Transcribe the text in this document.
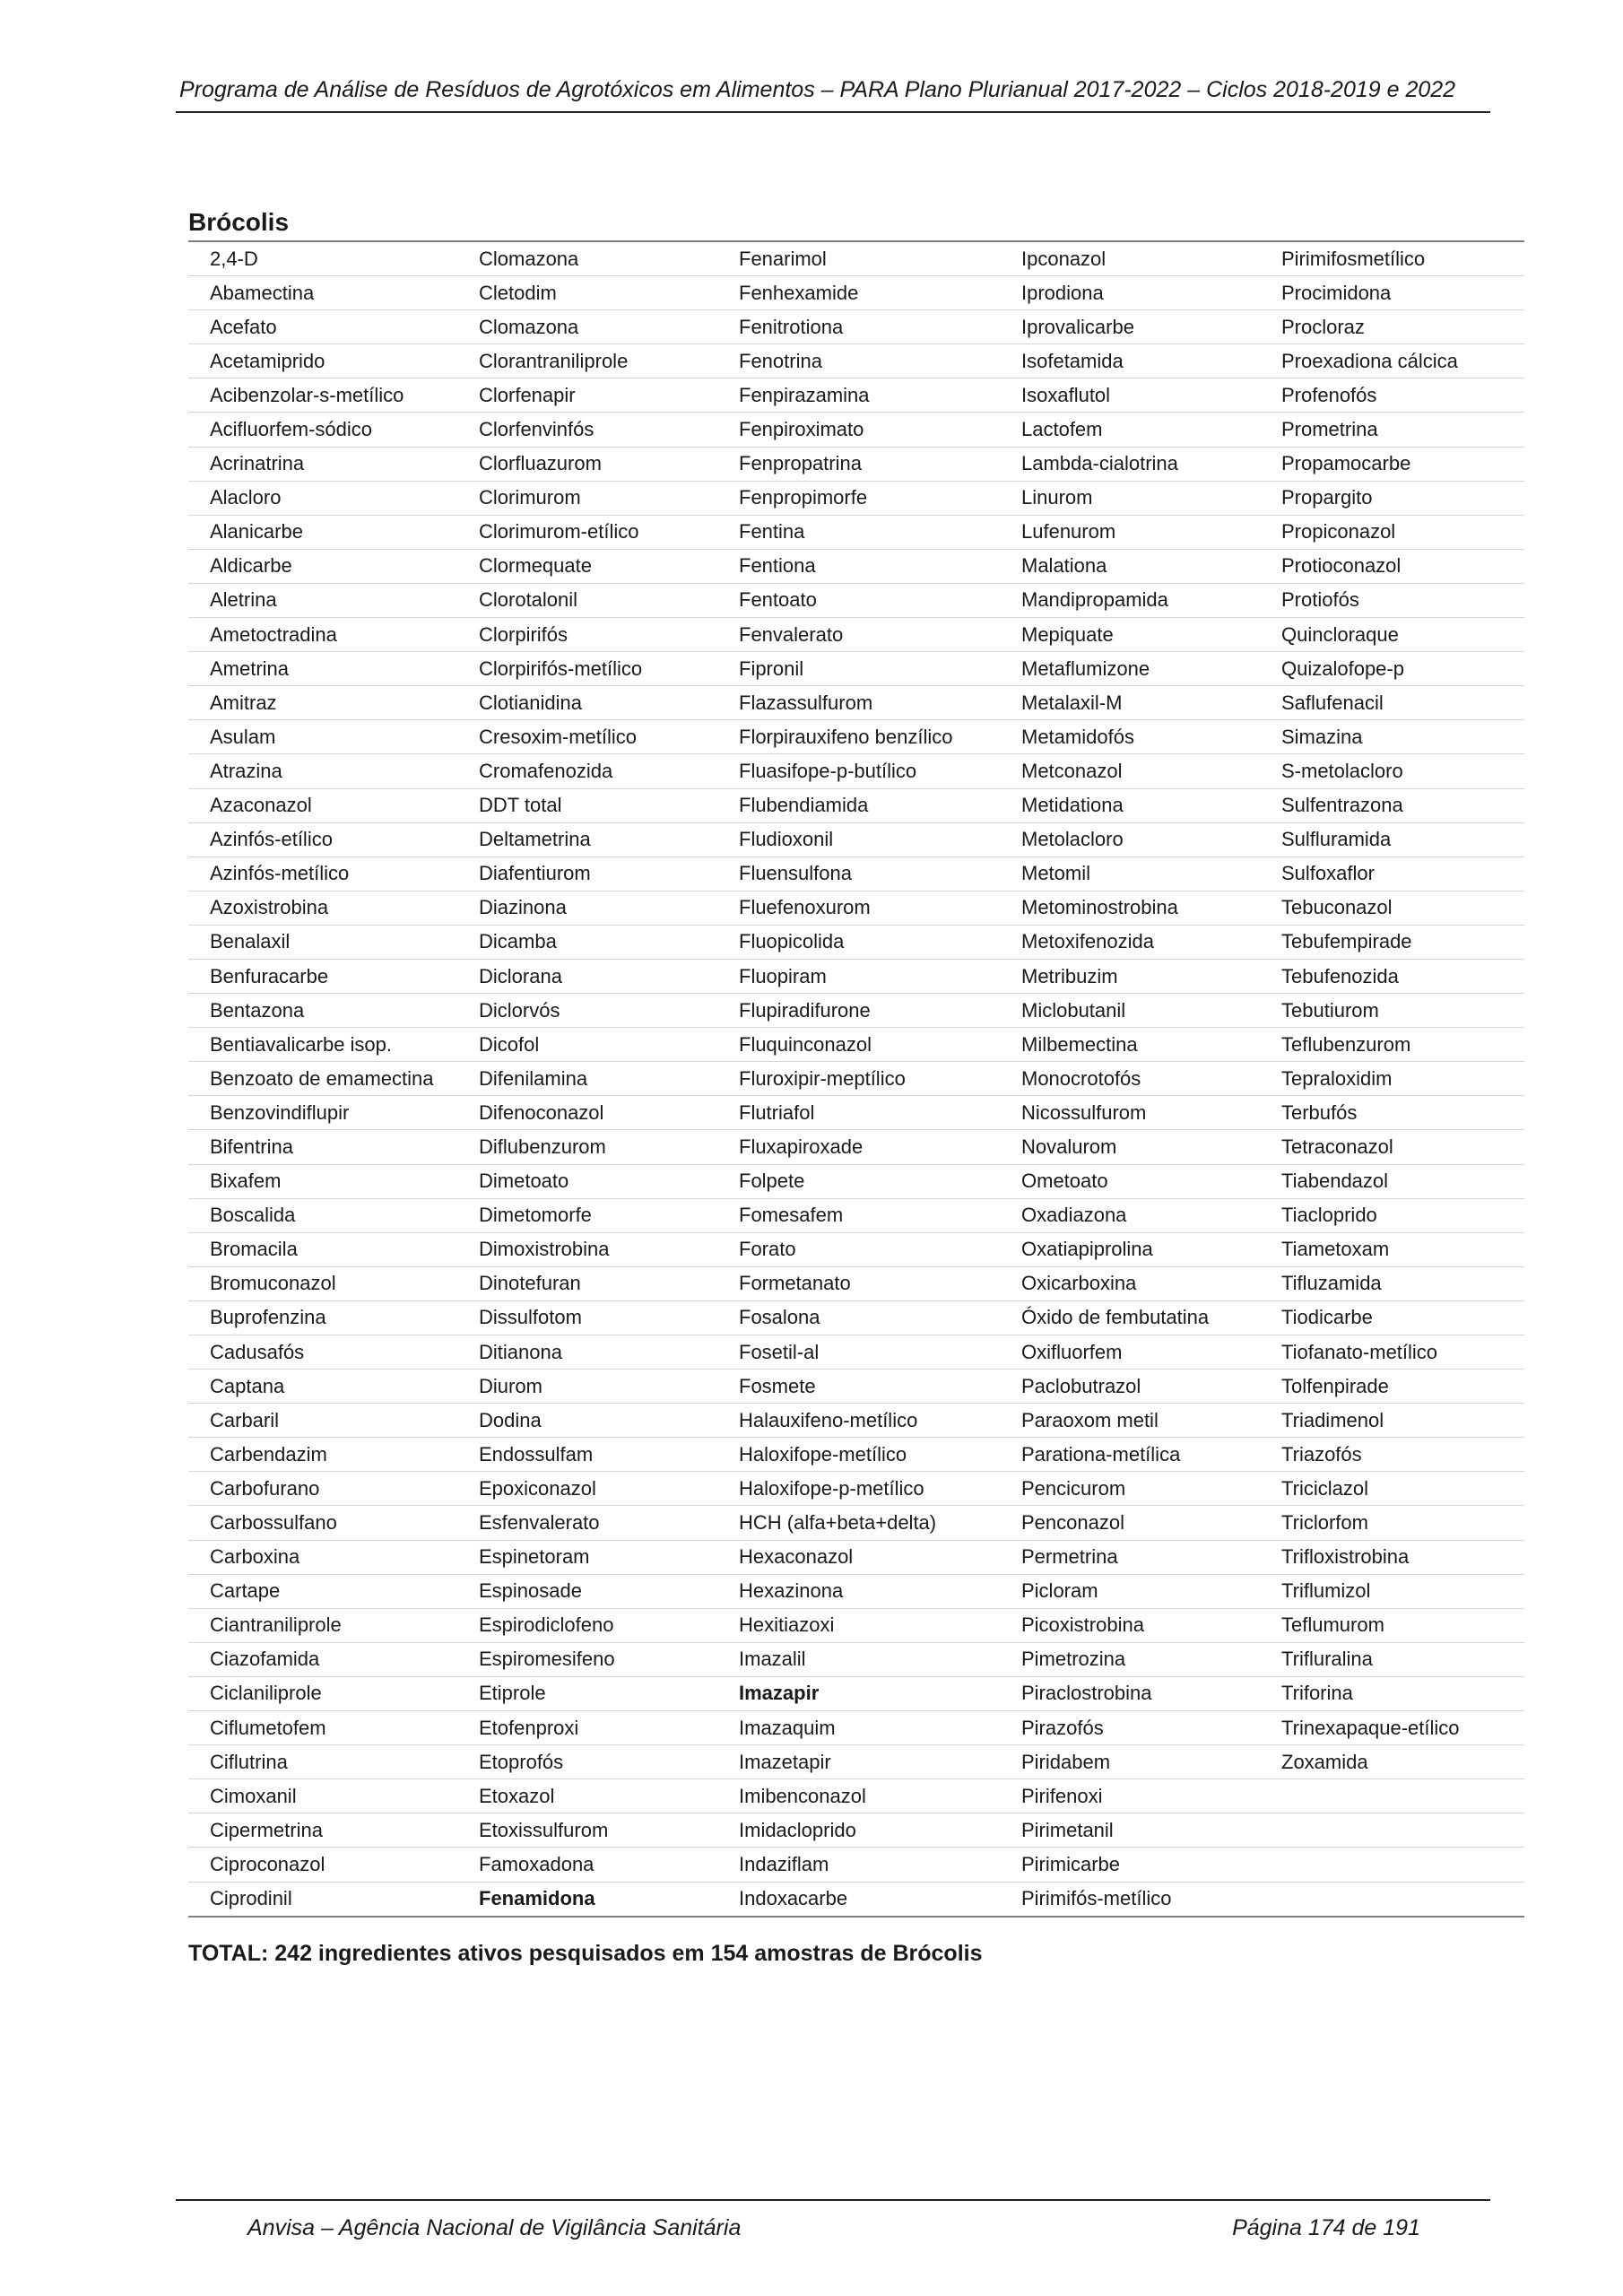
Programa de Análise de Resíduos de Agrotóxicos em Alimentos – PARA Plano Plurianual 2017-2022 – Ciclos 2018-2019 e 2022
Brócolis
2,4-D	Clomazona	Fenarimol	Ipconazol	Pirimifosmetílico
Abamectina	Cletodim	Fenhexamide	Iprodiona	Procimidona
Acefato	Clomazona	Fenitrotiona	Iprovalicarbe	Procloraz
Acetamiprido	Clorantraniliprole	Fenotrina	Isofetamida	Proexadiona cálcica
Acibenzolar-s-metílico	Clorfenapir	Fenpirazamina	Isoxaflutol	Profenofós
Acifluorfem-sódico	Clorfenvinfós	Fenpiroximato	Lactofem	Prometrina
Acrinatrina	Clorfluazurom	Fenpropatrina	Lambda-cialotrina	Propamocarbe
Alacloro	Clorimurom	Fenpropimorfe	Linurom	Propargito
Alanicarbe	Clorimurom-etílico	Fentina	Lufenurom	Propiconazol
Aldicarbe	Clormequate	Fentiona	Malationa	Protioconazol
Aletrina	Clorotalonil	Fentoato	Mandipropamida	Protiofós
Ametoctradina	Clorpirifós	Fenvalerato	Mepiquate	Quincloraque
Ametrina	Clorpirifós-metílico	Fipronil	Metaflumizone	Quizalofope-p
Amitraz	Clotianidina	Flazassulfurom	Metalaxil-M	Saflufenacil
Asulam	Cresoxim-metílico	Florpirauxifeno benzílico	Metamidofós	Simazina
Atrazina	Cromafenozida	Fluasifope-p-butílico	Metconazol	S-metolacloro
Azaconazol	DDT total	Flubendiamida	Metidationa	Sulfentrazona
Azinfós-etílico	Deltametrina	Fludioxonil	Metolacloro	Sulfluramida
Azinfós-metílico	Diafentiurom	Fluensulfona	Metomil	Sulfoxaflor
Azoxistrobina	Diazinona	Fluefenoxurom	Metominostrobina	Tebuconazol
Benalaxil	Dicamba	Fluopicolida	Metoxifenozida	Tebufempirade
Benfuracarbe	Diclorana	Fluopiram	Metribuzim	Tebufenozida
Bentazona	Diclorvós	Flupiradifurone	Miclobutanil	Tebutiurom
Bentiavalicarbe isop.	Dicofol	Fluquinconazol	Milbemectina	Teflubenzurom
Benzoato de emamectina	Difenilamina	Fluroxipir-meptílico	Monocrotofós	Tepraloxidim
Benzovindiflupir	Difenoconazol	Flutriafol	Nicossulfurom	Terbufós
Bifentrina	Diflubenzurom	Fluxapiroxade	Novalurom	Tetraconazol
Bixafem	Dimetoato	Folpete	Ometoato	Tiabendazol
Boscalida	Dimetomorfe	Fomesafem	Oxadiazona	Tiacloprido
Bromacila	Dimoxistrobina	Forato	Oxatiapiprolina	Tiametoxam
Bromuconazol	Dinotefuran	Formetanato	Oxicarboxina	Tifluzamida
Buprofenzina	Dissulfotom	Fosalona	Óxido de fembutatina	Tiodicarbe
Cadusafós	Ditianona	Fosetil-al	Oxifluorfem	Tiofanato-metílico
Captana	Diurom	Fosmete	Paclobutrazol	Tolfenpirade
Carbaril	Dodina	Halauxifeno-metílico	Paraoxom metil	Triadimenol
Carbendazim	Endossulfam	Haloxifope-metílico	Parationa-metílica	Triazofós
Carbofurano	Epoxiconazol	Haloxifope-p-metílico	Pencicurom	Triciclazol
Carbossulfano	Esfenvalerato	HCH (alfa+beta+delta)	Penconazol	Triclorfom
Carboxina	Espinetoram	Hexaconazol	Permetrina	Trifloxistrobina
Cartape	Espinosade	Hexazinona	Picloram	Triflumizol
Ciantraniliprole	Espirodiclofeno	Hexitiazoxi	Picoxistrobina	Teflumurom
Ciazofamida	Espiromesifeno	Imazalil	Pimetrozina	Trifluralina
Ciclaniliprole	Etiprole	Imazapir	Piraclostrobina	Triforina
Ciflumetofem	Etofenproxi	Imazaquim	Pirazofós	Trinexapaque-etílico
Ciflutrina	Etoprofós	Imazetapir	Piridabem	Zoxamida
Cimoxanil	Etoxazol	Imibenconazol	Pirifenoxi	
Cipermetrina	Etoxissulfurom	Imidacloprido	Pirimetanil	
Ciproconazol	Famoxadona	Indaziflam	Pirimicarbe	
Ciprodinil	Fenamidona	Indoxacarbe	Pirimifós-metílico	
TOTAL: 242 ingredientes ativos pesquisados em 154 amostras de Brócolis
Anvisa – Agência Nacional de Vigilância Sanitária	Página 174 de 191
